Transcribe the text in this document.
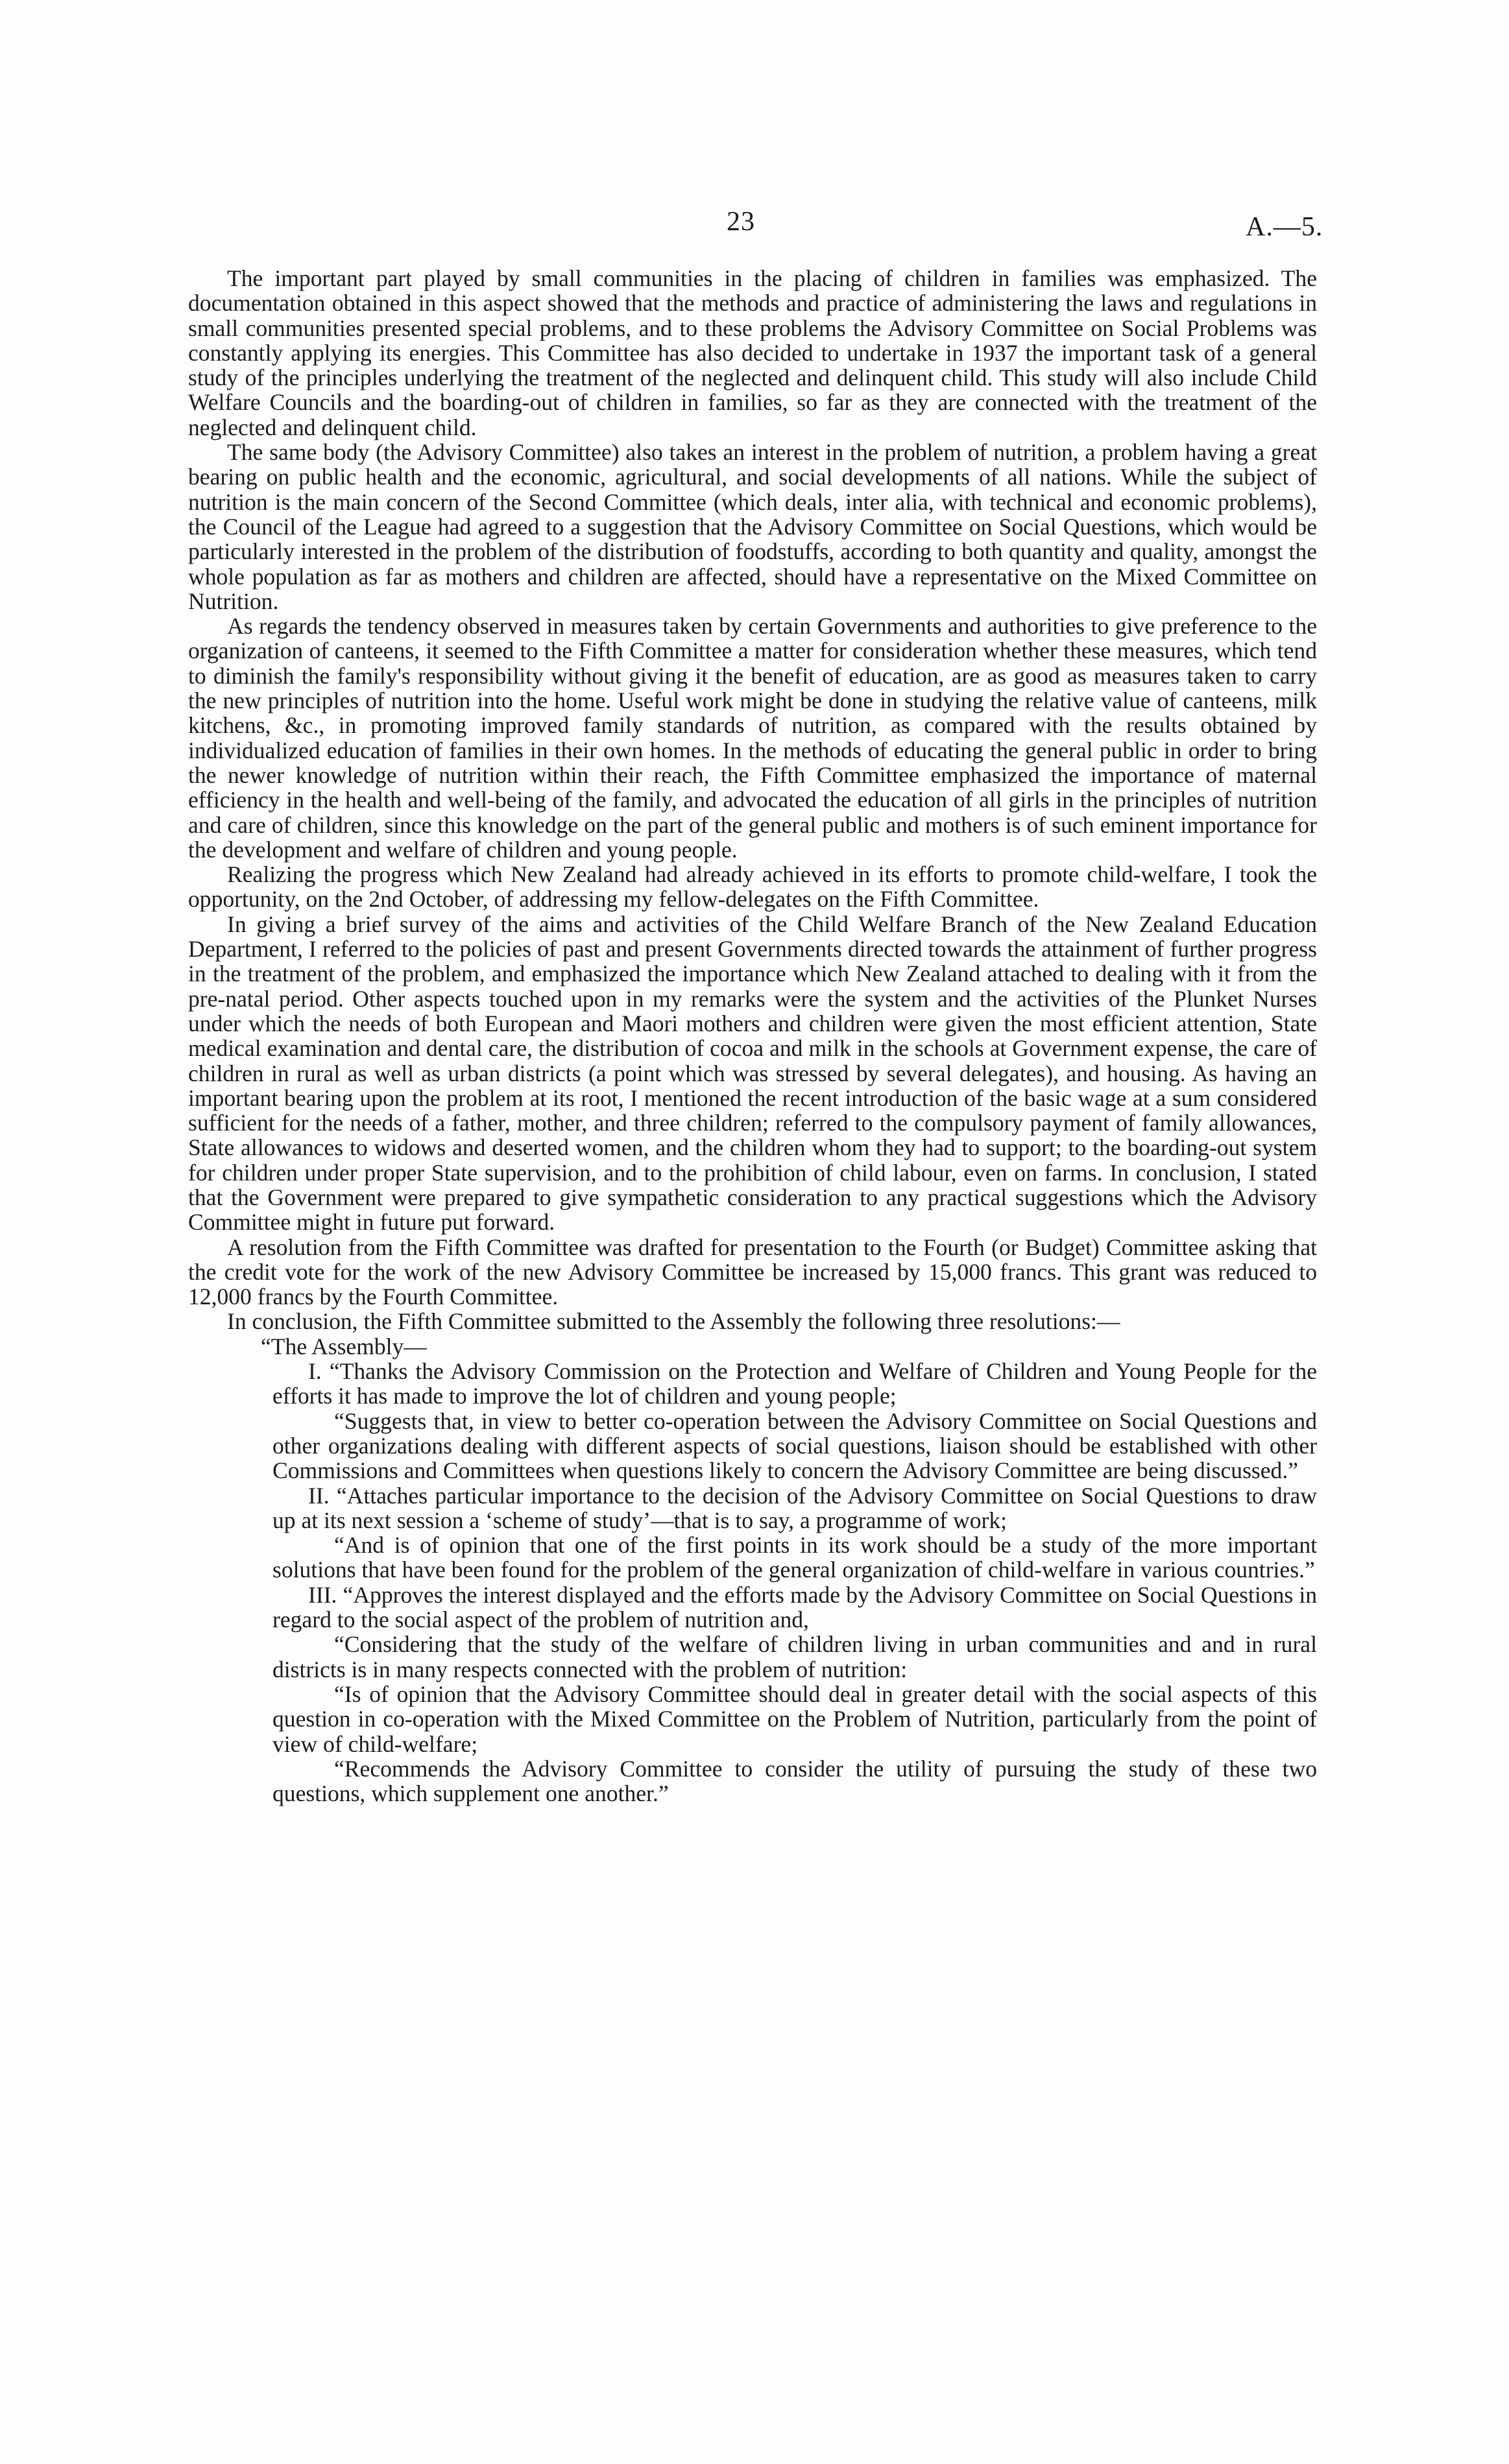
23	A.—5.

The important part played by small communities in the placing of children in families was emphasized. The documentation obtained in this aspect showed that the methods and practice of administering the laws and regulations in small communities presented special problems, and to these problems the Advisory Committee on Social Problems was constantly applying its energies. This Committee has also decided to undertake in 1937 the important task of a general study of the principles underlying the treatment of the neglected and delinquent child. This study will also include Child Welfare Councils and the boarding-out of children in families, so far as they are connected with the treatment of the neglected and delinquent child.

The same body (the Advisory Committee) also takes an interest in the problem of nutrition, a problem having a great bearing on public health and the economic, agricultural, and social developments of all nations. While the subject of nutrition is the main concern of the Second Committee (which deals, inter alia, with technical and economic problems), the Council of the League had agreed to a suggestion that the Advisory Committee on Social Questions, which would be particularly interested in the problem of the distribution of foodstuffs, according to both quantity and quality, amongst the whole population as far as mothers and children are affected, should have a representative on the Mixed Committee on Nutrition.

As regards the tendency observed in measures taken by certain Governments and authorities to give preference to the organization of canteens, it seemed to the Fifth Committee a matter for consideration whether these measures, which tend to diminish the family's responsibility without giving it the benefit of education, are as good as measures taken to carry the new principles of nutrition into the home. Useful work might be done in studying the relative value of canteens, milk kitchens, &c., in promoting improved family standards of nutrition, as compared with the results obtained by individualized education of families in their own homes. In the methods of educating the general public in order to bring the newer knowledge of nutrition within their reach, the Fifth Committee emphasized the importance of maternal efficiency in the health and well-being of the family, and advocated the education of all girls in the principles of nutrition and care of children, since this knowledge on the part of the general public and mothers is of such eminent importance for the development and welfare of children and young people.

Realizing the progress which New Zealand had already achieved in its efforts to promote child-welfare, I took the opportunity, on the 2nd October, of addressing my fellow-delegates on the Fifth Committee.

In giving a brief survey of the aims and activities of the Child Welfare Branch of the New Zealand Education Department, I referred to the policies of past and present Governments directed towards the attainment of further progress in the treatment of the problem, and emphasized the importance which New Zealand attached to dealing with it from the pre-natal period. Other aspects touched upon in my remarks were the system and the activities of the Plunket Nurses under which the needs of both European and Maori mothers and children were given the most efficient attention, State medical examination and dental care, the distribution of cocoa and milk in the schools at Government expense, the care of children in rural as well as urban districts (a point which was stressed by several delegates), and housing. As having an important bearing upon the problem at its root, I mentioned the recent introduction of the basic wage at a sum considered sufficient for the needs of a father, mother, and three children; referred to the compulsory payment of family allowances, State allowances to widows and deserted women, and the children whom they had to support; to the boarding-out system for children under proper State supervision, and to the prohibition of child labour, even on farms. In conclusion, I stated that the Government were prepared to give sympathetic consideration to any practical suggestions which the Advisory Committee might in future put forward.

A resolution from the Fifth Committee was drafted for presentation to the Fourth (or Budget) Committee asking that the credit vote for the work of the new Advisory Committee be increased by 15,000 francs. This grant was reduced to 12,000 francs by the Fourth Committee.

In conclusion, the Fifth Committee submitted to the Assembly the following three resolutions:—

“The Assembly—

I. “Thanks the Advisory Commission on the Protection and Welfare of Children and Young People for the efforts it has made to improve the lot of children and young people;

“Suggests that, in view to better co-operation between the Advisory Committee on Social Questions and other organizations dealing with different aspects of social questions, liaison should be established with other Commissions and Committees when questions likely to concern the Advisory Committee are being discussed.”

II. “Attaches particular importance to the decision of the Advisory Committee on Social Questions to draw up at its next session a ‘scheme of study’—that is to say, a programme of work;

“And is of opinion that one of the first points in its work should be a study of the more important solutions that have been found for the problem of the general organization of child-welfare in various countries.”

III. “Approves the interest displayed and the efforts made by the Advisory Committee on Social Questions in regard to the social aspect of the problem of nutrition and,

“Considering that the study of the welfare of children living in urban communities and and in rural districts is in many respects connected with the problem of nutrition:

“Is of opinion that the Advisory Committee should deal in greater detail with the social aspects of this question in co-operation with the Mixed Committee on the Problem of Nutrition, particularly from the point of view of child-welfare;

“Recommends the Advisory Committee to consider the utility of pursuing the study of these two questions, which supplement one another.”
